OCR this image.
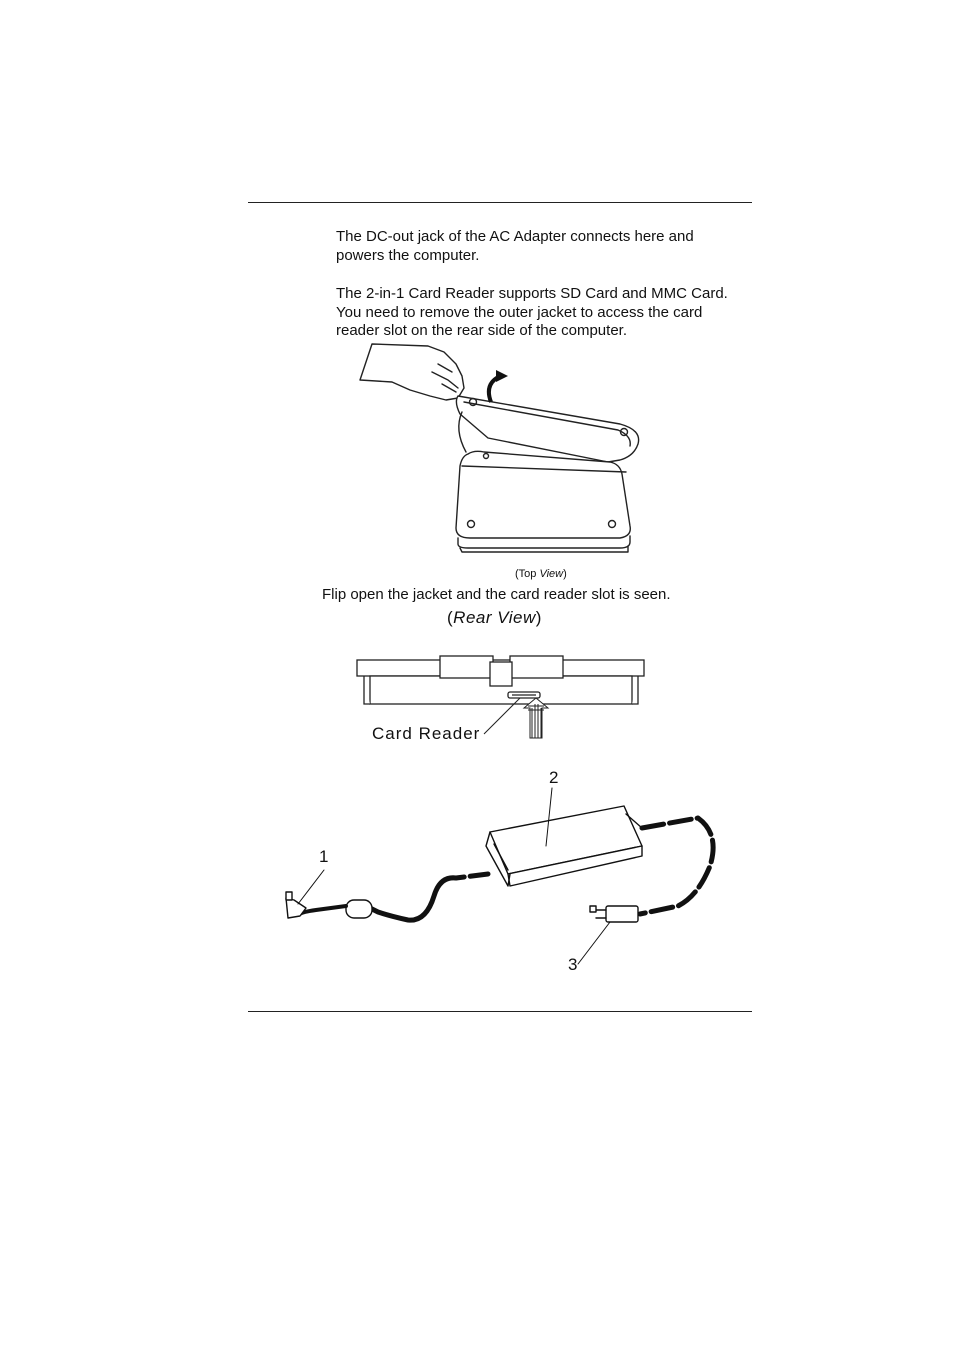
The DC-out jack of the AC Adapter connects here and powers the computer.

The 2-in-1 Card Reader supports SD Card and MMC Card. You need to remove the outer jacket to access the card reader slot on the rear side of the computer.

(Top View)
Flip open the jacket and the card reader slot is seen.
(Rear View)
Card Reader
1
2
3
